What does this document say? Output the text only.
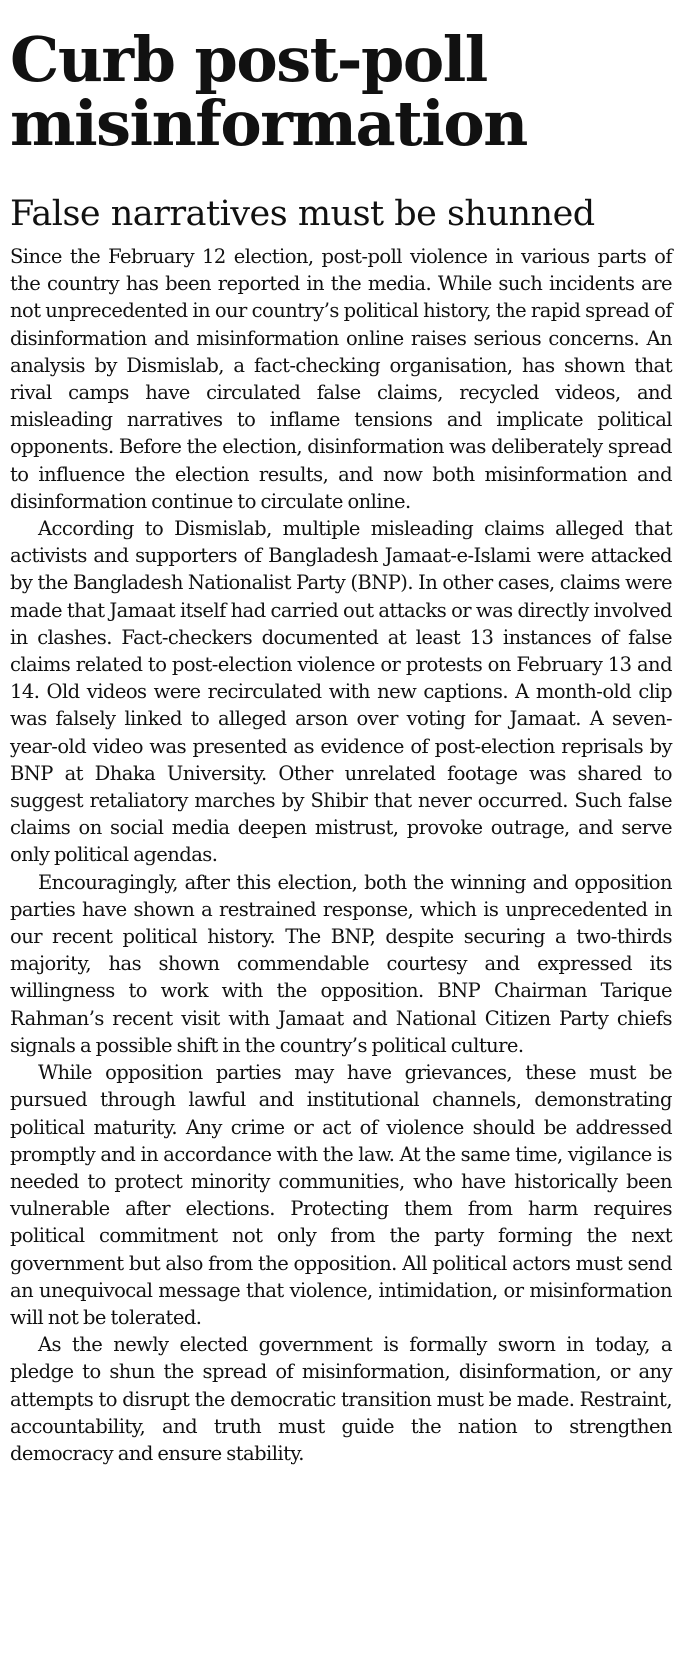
Curb post-poll misinformation
False narratives must be shunned

Since the February 12 election, post-poll violence in various parts of the country has been reported in the media. While such incidents are not unprecedented in our country’s political history, the rapid spread of disinformation and misinformation online raises serious concerns. An analysis by Dismislab, a fact-checking organisation, has shown that rival camps have circulated false claims, recycled videos, and misleading narratives to inflame tensions and implicate political opponents. Before the election, disinformation was deliberately spread to influence the election results, and now both misinformation and disinformation continue to circulate online.

According to Dismislab, multiple misleading claims alleged that activists and supporters of Bangladesh Jamaat-e-Islami were attacked by the Bangladesh Nationalist Party (BNP). In other cases, claims were made that Jamaat itself had carried out attacks or was directly involved in clashes. Fact-checkers documented at least 13 instances of false claims related to post-election violence or protests on February 13 and 14. Old videos were recirculated with new captions. A month-old clip was falsely linked to alleged arson over voting for Jamaat. A seven-year-old video was presented as evidence of post-election reprisals by BNP at Dhaka University. Other unrelated footage was shared to suggest retaliatory marches by Shibir that never occurred. Such false claims on social media deepen mistrust, provoke outrage, and serve only political agendas.

Encouragingly, after this election, both the winning and opposition parties have shown a restrained response, which is unprecedented in our recent political history. The BNP, despite securing a two-thirds majority, has shown commendable courtesy and expressed its willingness to work with the opposition. BNP Chairman Tarique Rahman’s recent visit with Jamaat and National Citizen Party chiefs signals a possible shift in the country’s political culture.

While opposition parties may have grievances, these must be pursued through lawful and institutional channels, demonstrating political maturity. Any crime or act of violence should be addressed promptly and in accordance with the law. At the same time, vigilance is needed to protect minority communities, who have historically been vulnerable after elections. Protecting them from harm requires political commitment not only from the party forming the next government but also from the opposition. All political actors must send an unequivocal message that violence, intimidation, or misinformation will not be tolerated.

As the newly elected government is formally sworn in today, a pledge to shun the spread of misinformation, disinformation, or any attempts to disrupt the democratic transition must be made. Restraint, accountability, and truth must guide the nation to strengthen democracy and ensure stability.
